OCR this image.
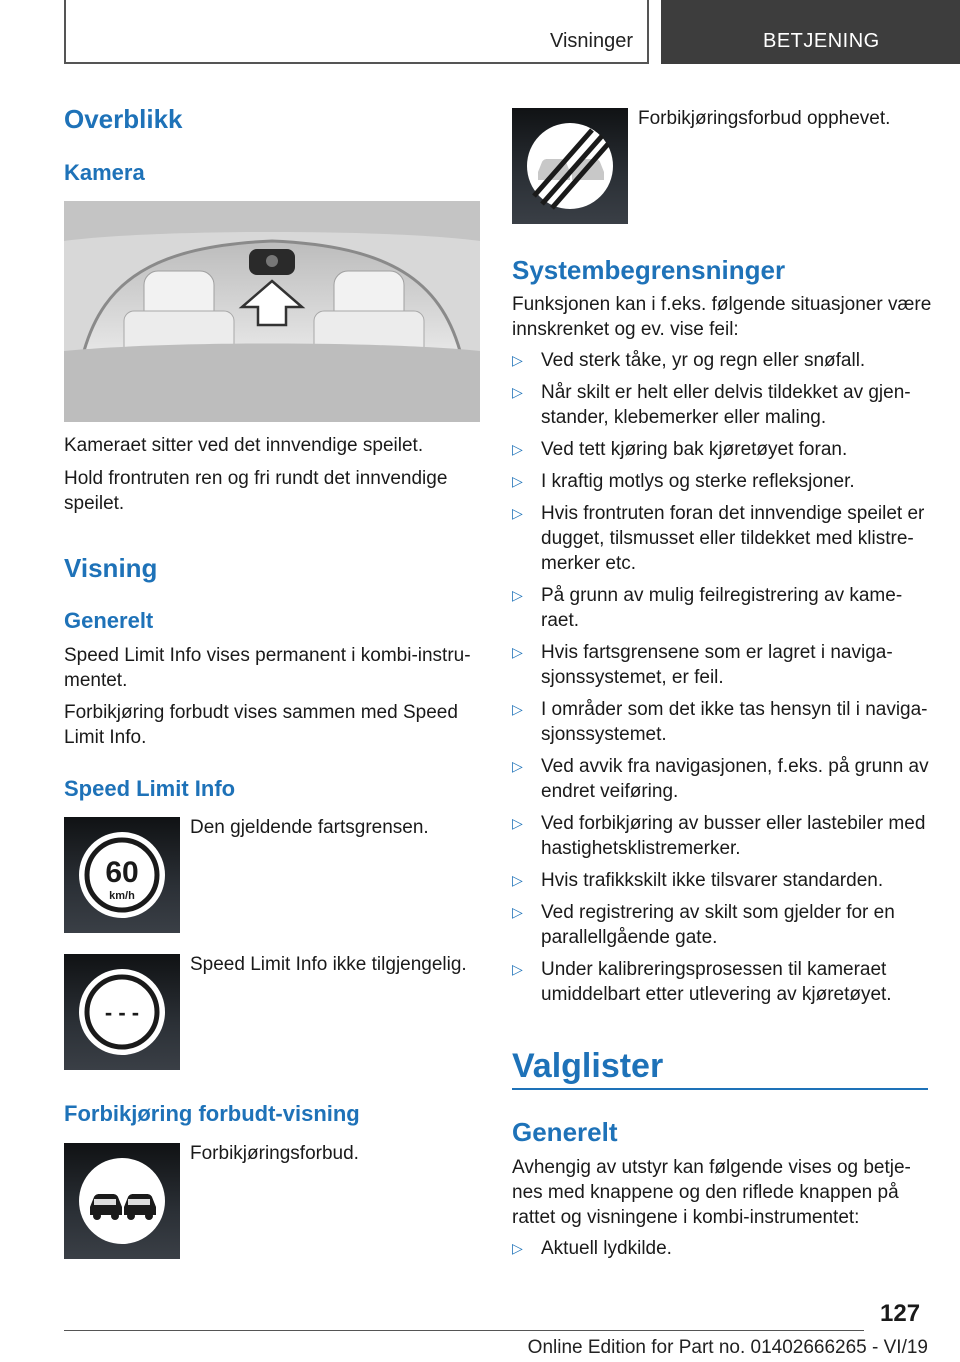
Visninger	BETJENING
Overblikk
Kamera
Kameraet sitter ved det innvendige speilet.
Hold frontruten ren og fri rundt det innvendige speilet.
Visning
Generelt
Speed Limit Info vises permanent i kombi‐instru‐mentet.
Forbikjøring forbudt vises sammen med Speed Limit Info.
Speed Limit Info
60
km/h
Den gjeldende fartsgrensen.
- - -
Speed Limit Info ikke tilgjengelig.
Forbikjøring forbudt-visning
Forbikjøringsforbud.
Forbikjøringsforbud opphevet.
Systembegrensninger
Funksjonen kan i f.eks. følgende situasjoner være innskrenket og ev. vise feil:
▷ Ved sterk tåke, yr og regn eller snøfall.
▷ Når skilt er helt eller delvis tildekket av gjen‐stander, klebemerker eller maling.
▷ Ved tett kjøring bak kjøretøyet foran.
▷ I kraftig motlys og sterke refleksjoner.
▷ Hvis frontruten foran det innvendige speilet er dugget, tilsmusset eller tildekket med klistre‐merker etc.
▷ På grunn av mulig feilregistrering av kame‐raet.
▷ Hvis fartsgrensene som er lagret i naviga‐sjonssystemet, er feil.
▷ I områder som det ikke tas hensyn til i naviga‐sjonssystemet.
▷ Ved avvik fra navigasjonen, f.eks. på grunn av endret veiføring.
▷ Ved forbikjøring av busser eller lastebiler med hastighetsklistremerker.
▷ Hvis trafikkskilt ikke tilsvarer standarden.
▷ Ved registrering av skilt som gjelder for en parallellgående gate.
▷ Under kalibreringsprosessen til kameraet umiddelbart etter utlevering av kjøretøyet.
Valglister
Generelt
Avhengig av utstyr kan følgende vises og betje‐nes med knappene og den riflede knappen på rattet og visningene i kombi-instrumentet:
▷ Aktuell lydkilde.
127
Online Edition for Part no. 01402666265 - VI/19
